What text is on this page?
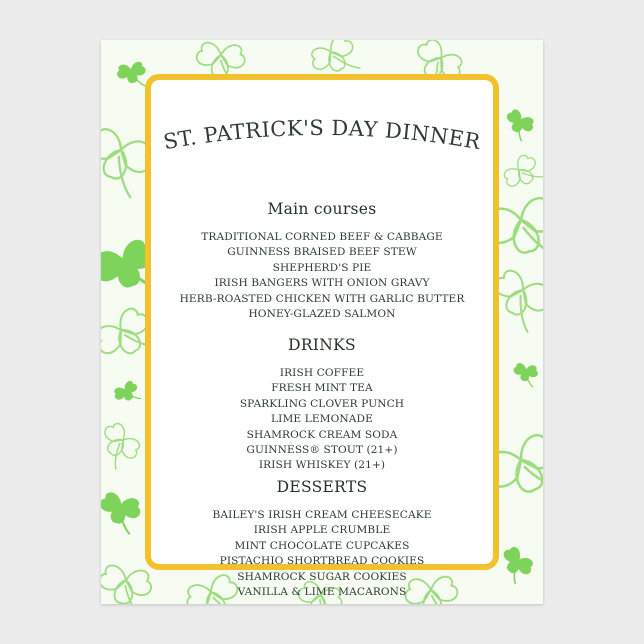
ST. PATRICK'S DAY DINNER
Main courses
TRADITIONAL CORNED BEEF & CABBAGE
GUINNESS BRAISED BEEF STEW
SHEPHERD'S PIE
IRISH BANGERS WITH ONION GRAVY
HERB-ROASTED CHICKEN WITH GARLIC BUTTER
HONEY-GLAZED SALMON
DRINKS
IRISH COFFEE
FRESH MINT TEA
SPARKLING CLOVER PUNCH
LIME LEMONADE
SHAMROCK CREAM SODA
GUINNESS® STOUT (21+)
IRISH WHISKEY (21+)
DESSERTS
BAILEY'S IRISH CREAM CHEESECAKE
IRISH APPLE CRUMBLE
MINT CHOCOLATE CUPCAKES
PISTACHIO SHORTBREAD COOKIES
SHAMROCK SUGAR COOKIES
VANILLA & LIME MACARONS
